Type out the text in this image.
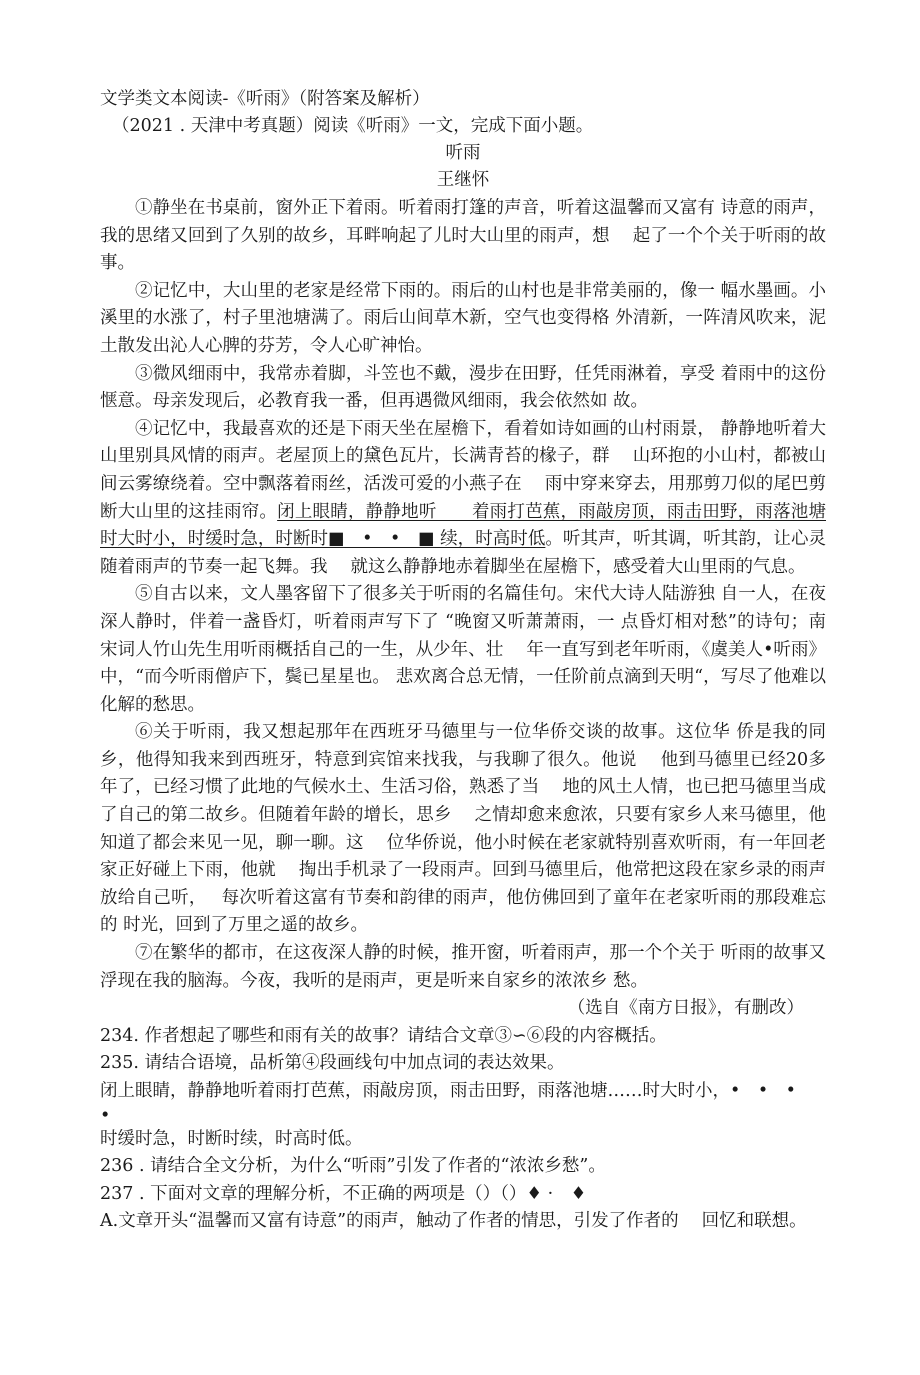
文学类文本阅读-《听雨》（附答案及解析）

（2021 . 天津中考真题）阅读《听雨》一文，完成下面小题。

听雨

王继怀

①静坐在书桌前，窗外正下着雨。听着雨打篷的声音，听着这温馨而又富有 诗意的雨声，我的思绪又回到了久别的故乡，耳畔响起了儿时大山里的雨声，想　 起了一个个关于听雨的故事。

②记忆中，大山里的老家是经常下雨的。雨后的山村也是非常美丽的，像一 幅水墨画。小溪里的水涨了，村子里池塘满了。雨后山间草木新，空气也变得格 外清新，一阵清风吹来，泥土散发出沁人心脾的芬芳，令人心旷神怡。

③微风细雨中，我常赤着脚，斗笠也不戴，漫步在田野，任凭雨淋着，享受 着雨中的这份惬意。母亲发现后，必教育我一番，但再遇微风细雨，我会依然如 故。

④记忆中，我最喜欢的还是下雨天坐在屋檐下，看着如诗如画的山村雨景， 静静地听着大山里别具风情的雨声。老屋顶上的黛色瓦片，长满青苔的椽子，群　 山环抱的小山村，都被山间云雾缭绕着。空中飘落着雨丝，活泼可爱的小燕子在　 雨中穿来穿去，用那剪刀似的尾巴剪断大山里的这挂雨帘。闭上眼睛，静静地听　　着雨打芭蕉，雨敲房顶，雨击田野，雨落池塘时大时小，时缓时急，时断时■　•　•　■ 续，时高时低。听其声，听其调，听其韵，让心灵随着雨声的节奏一起飞舞。我　 就这么静静地赤着脚坐在屋檐下，感受着大山里雨的气息。

⑤自古以来，文人墨客留下了很多关于听雨的名篇佳句。宋代大诗人陆游独 自一人，在夜深人静时，伴着一盏昏灯，听着雨声写下了 “晚窗又听萧萧雨，一 点昏灯相对愁”的诗句；南宋词人竹山先生用听雨概括自己的一生，从少年、壮　 年一直写到老年听雨，《虞美人•听雨》中，“而今听雨僧庐下，鬓已星星也。 悲欢离合总无情，一任阶前点滴到天明“，写尽了他难以化解的愁思。

⑥关于听雨，我又想起那年在西班牙马德里与一位华侨交谈的故事。这位华 侨是我的同乡，他得知我来到西班牙，特意到宾馆来找我，与我聊了很久。他说　 他到马德里已经20多年了，已经习惯了此地的气候水土、生活习俗，熟悉了当　 地的风土人情，也已把马德里当成了自己的第二故乡。但随着年龄的增长，思乡　 之情却愈来愈浓，只要有家乡人来马德里，他知道了都会来见一见，聊一聊。这　 位华侨说，他小时候在老家就特别喜欢听雨，有一年回老家正好碰上下雨，他就　 掏出手机录了一段雨声。回到马德里后，他常把这段在家乡录的雨声放给自己听，　 每次听着这富有节奏和韵律的雨声，他仿佛回到了童年在老家听雨的那段难忘的 时光，回到了万里之遥的故乡。

⑦在繁华的都市，在这夜深人静的时候，推开窗，听着雨声，那一个个关于 听雨的故事又浮现在我的脑海。今夜，我听的是雨声，更是听来自家乡的浓浓乡 愁。

（选自《南方日报》，有删改）

234. 作者想起了哪些和雨有关的故事？请结合文章③∽⑥段的内容概括。

235. 请结合语境，品析第④段画线句中加点词的表达效果。

闭上眼睛，静静地听着雨打芭蕉，雨敲房顶，雨击田野，雨落池塘……时大时小，•　•　•

•

时缓时急，时断时续，时高时低。

236 . 请结合全文分析，为什么“听雨”引发了作者的“浓浓乡愁”。

237 . 下面对文章的理解分析，不正确的两项是（）（）♦ ·　♦

A.文章开头“温馨而又富有诗意”的雨声，触动了作者的情思，引发了作者的　 回忆和联想。
